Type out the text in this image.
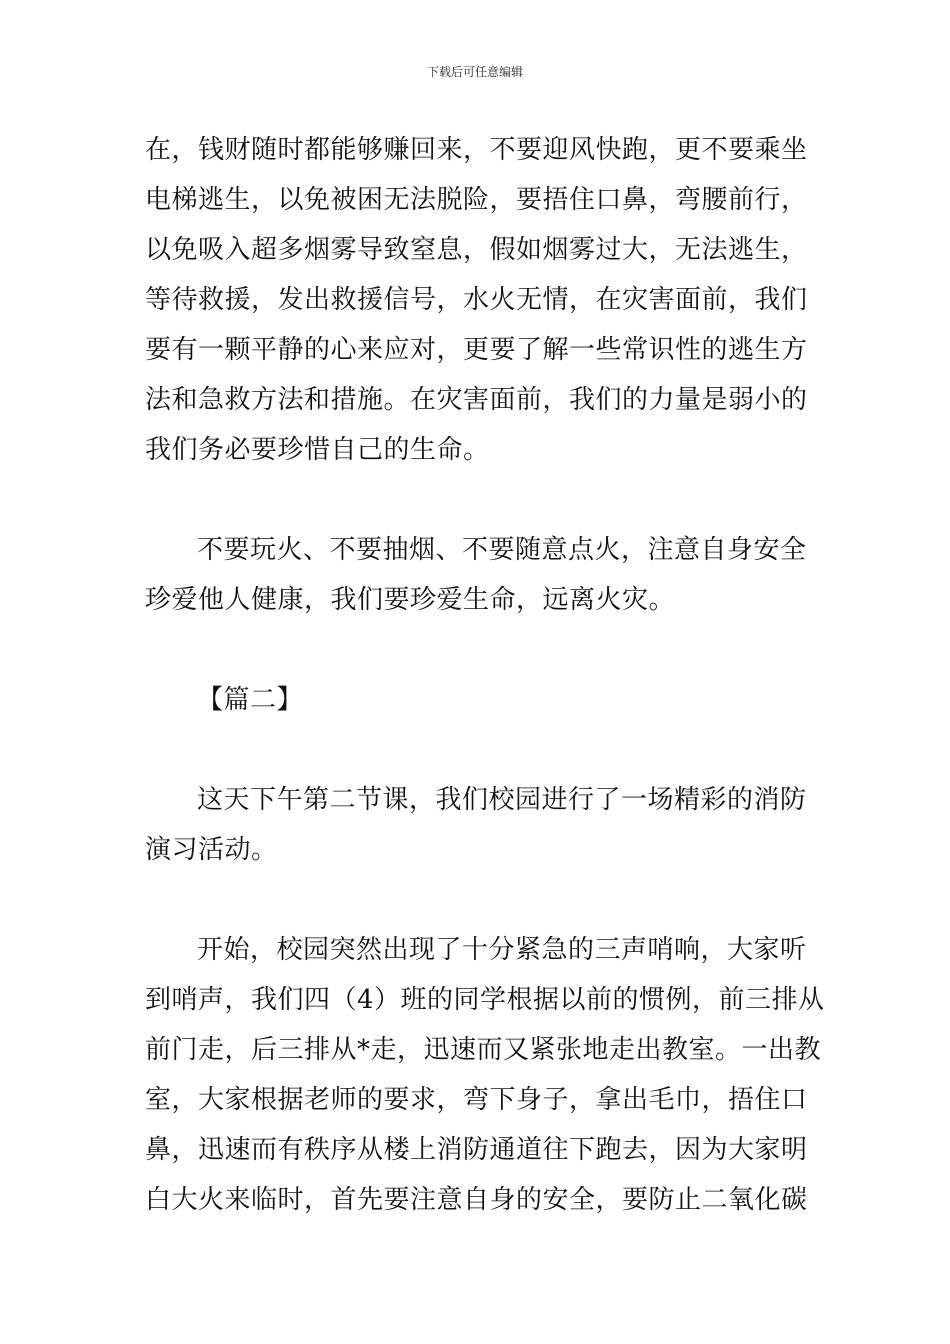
下载后可任意编辑
在，钱财随时都能够赚回来，不要迎风快跑，更不要乘坐
电梯逃生，以免被困无法脱险，要捂住口鼻，弯腰前行，
以免吸入超多烟雾导致窒息，假如烟雾过大，无法逃生，
等待救援，发出救援信号，水火无情，在灾害面前，我们
要有一颗平静的心来应对，更要了解一些常识性的逃生方
法和急救方法和措施。在灾害面前，我们的力量是弱小的
我们务必要珍惜自己的生命。
不要玩火、不要抽烟、不要随意点火，注意自身安全
珍爱他人健康，我们要珍爱生命，远离火灾。
【篇二】
这天下午第二节课，我们校园进行了一场精彩的消防
演习活动。
开始，校园突然出现了十分紧急的三声哨响，大家听
到哨声，我们四（4）班的同学根据以前的惯例，前三排从
前门走，后三排从*走，迅速而又紧张地走出教室。一出教
室，大家根据老师的要求，弯下身子，拿出毛巾，捂住口
鼻，迅速而有秩序从楼上消防通道往下跑去，因为大家明
白大火来临时，首先要注意自身的安全，要防止二氧化碳
